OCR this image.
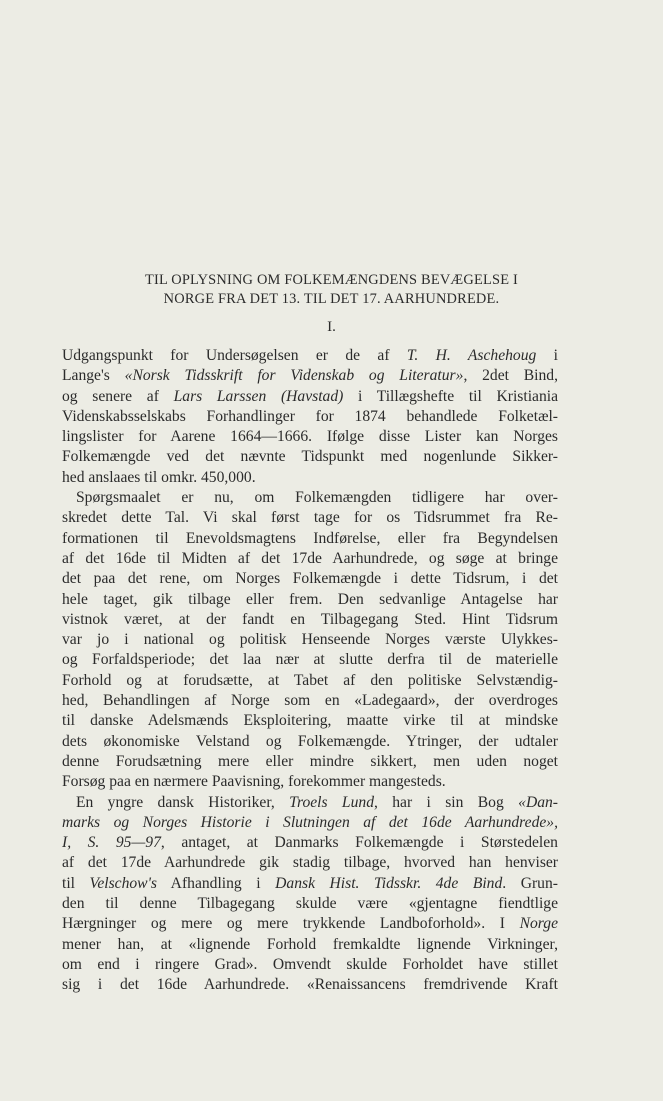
TIL OPLYSNING OM FOLKEMÆNGDENS BEVÆGELSE I
NORGE FRA DET 13. TIL DET 17. AARHUNDREDE.
I.
Udgangspunkt for Undersøgelsen er de af T. H. Aschehoug i
Lange's «Norsk Tidsskrift for Videnskab og Literatur», 2det Bind,
og senere af Lars Larssen (Havstad) i Tillægshefte til Kristiania
Videnskabsselskabs Forhandlinger for 1874 behandlede Folketæl-
lingslister for Aarene 1664—1666. Ifølge disse Lister kan Norges
Folkemængde ved det nævnte Tidspunkt med nogenlunde Sikker-
hed anslaaes til omkr. 450,000.
Spørgsmaalet er nu, om Folkemængden tidligere har over-
skredet dette Tal. Vi skal først tage for os Tidsrummet fra Re-
formationen til Enevoldsmagtens Indførelse, eller fra Begyndelsen
af det 16de til Midten af det 17de Aarhundrede, og søge at bringe
det paa det rene, om Norges Folkemængde i dette Tidsrum, i det
hele taget, gik tilbage eller frem. Den sedvanlige Antagelse har
vistnok været, at der fandt en Tilbagegang Sted. Hint Tidsrum
var jo i national og politisk Henseende Norges værste Ulykkes-
og Forfaldsperiode; det laa nær at slutte derfra til de materielle
Forhold og at forudsætte, at Tabet af den politiske Selvstændig-
hed, Behandlingen af Norge som en «Ladegaard», der overdroges
til danske Adelsmænds Eksploitering, maatte virke til at mindske
dets økonomiske Velstand og Folkemængde. Ytringer, der udtaler
denne Forudsætning mere eller mindre sikkert, men uden noget
Forsøg paa en nærmere Paavisning, forekommer mangesteds.
En yngre dansk Historiker, Troels Lund, har i sin Bog «Dan-
marks og Norges Historie i Slutningen af det 16de Aarhundrede»,
I, S. 95—97, antaget, at Danmarks Folkemængde i Størstedelen
af det 17de Aarhundrede gik stadig tilbage, hvorved han henviser
til Velschow's Afhandling i Dansk Hist. Tidsskr. 4de Bind. Grun-
den til denne Tilbagegang skulde være «gjentagne fiendtlige
Hærgninger og mere og mere trykkende Landboforhold». I Norge
mener han, at «lignende Forhold fremkaldte lignende Virkninger,
om end i ringere Grad». Omvendt skulde Forholdet have stillet
sig i det 16de Aarhundrede. «Renaissancens fremdrivende Kraft
